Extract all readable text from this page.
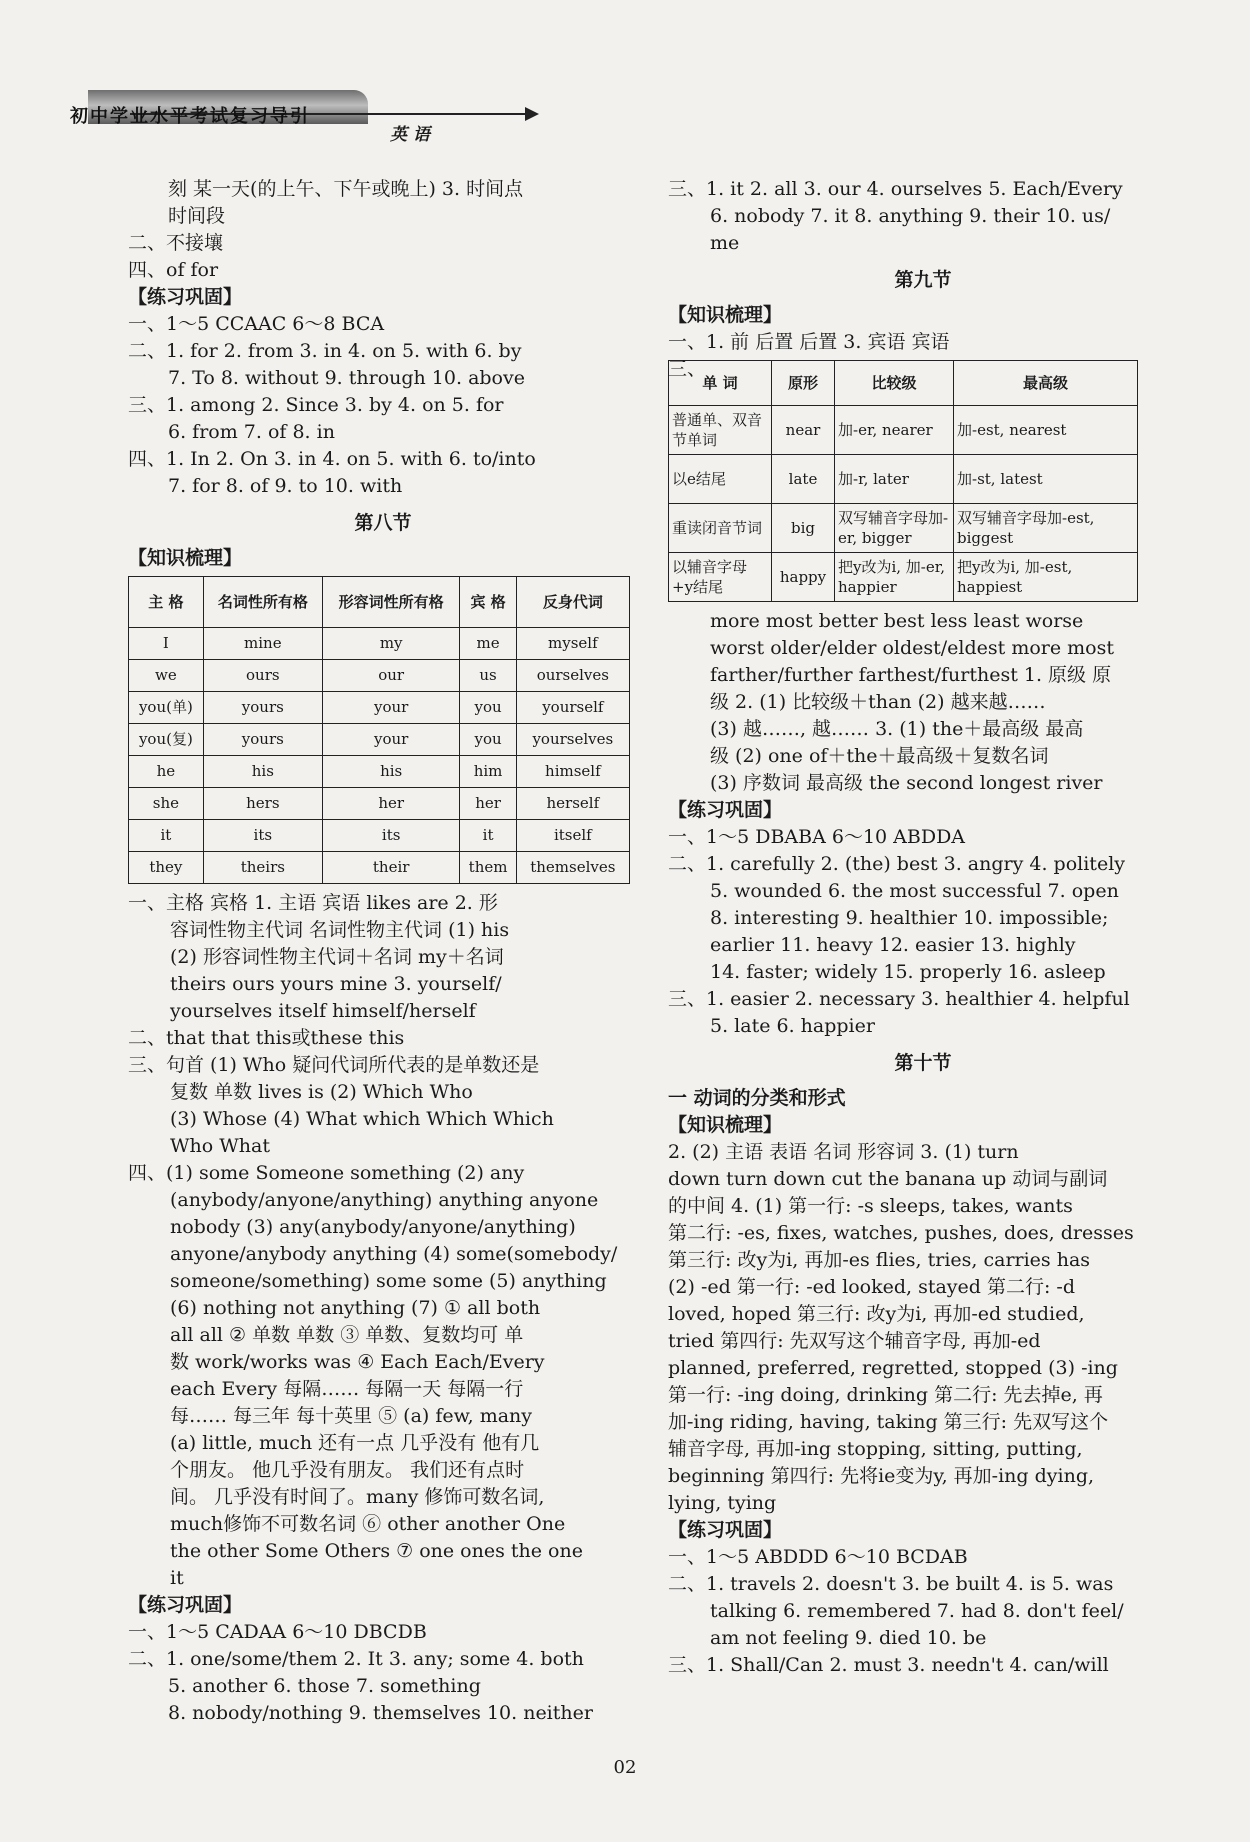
初中学业水平考试复习导引
英 语
刻 某一天(的上午、下午或晚上) 3. 时间点
时间段
二、不接壤
四、of for
【练习巩固】
一、1～5 CCAAC 6～8 BCA
二、1. for 2. from 3. in 4. on 5. with 6. by
7. To 8. without 9. through 10. above
三、1. among 2. Since 3. by 4. on 5. for
6. from 7. of 8. in
四、1. In 2. On 3. in 4. on 5. with 6. to/into
7. for 8. of 9. to 10. with
第八节
【知识梳理】
主 格	名词性所有格	形容词性所有格	宾 格	反身代词
I	mine	my	me	myself
we	ours	our	us	ourselves
you(单)	yours	your	you	yourself
you(复)	yours	your	you	yourselves
he	his	his	him	himself
she	hers	her	her	herself
it	its	its	it	itself
they	theirs	their	them	themselves
一、主格 宾格 1. 主语 宾语 likes are 2. 形
容词性物主代词 名词性物主代词 (1) his
(2) 形容词性物主代词＋名词 my＋名词
theirs ours yours mine 3. yourself/
yourselves itself himself/herself
二、that that this或these this
三、句首 (1) Who 疑问代词所代表的是单数还是
复数 单数 lives is (2) Which Who
(3) Whose (4) What which Which Which
Who What
四、(1) some Someone something (2) any
(anybody/anyone/anything) anything anyone
nobody (3) any(anybody/anyone/anything)
anyone/anybody anything (4) some(somebody/
someone/something) some some (5) anything
(6) nothing not anything (7) ① all both
all all ② 单数 单数 ③ 单数、复数均可 单
数 work/works was ④ Each Each/Every
each Every 每隔…… 每隔一天 每隔一行
每…… 每三年 每十英里 ⑤ (a) few, many
(a) little, much 还有一点 几乎没有 他有几
个朋友。 他几乎没有朋友。 我们还有点时
间。 几乎没有时间了。many 修饰可数名词,
much修饰不可数名词 ⑥ other another One
the other Some Others ⑦ one ones the one
it
【练习巩固】
一、1～5 CADAA 6～10 DBCDB
二、1. one/some/them 2. It 3. any; some 4. both
5. another 6. those 7. something
8. nobody/nothing 9. themselves 10. neither
三、1. it 2. all 3. our 4. ourselves 5. Each/Every
6. nobody 7. it 8. anything 9. their 10. us/
me
第九节
【知识梳理】
一、1. 前 后置 后置 3. 宾语 宾语
三、
单 词	原形	比较级	最高级
普通单、双音节单词	near	加-er, nearer	加-est, nearest
以e结尾	late	加-r, later	加-st, latest
重读闭音节词	big	双写辅音字母加-er, bigger	双写辅音字母加-est, biggest
以辅音字母+y结尾	happy	把y改为i, 加-er, happier	把y改为i, 加-est, happiest
more most better best less least worse
worst older/elder oldest/eldest more most
farther/further farthest/furthest 1. 原级 原
级 2. (1) 比较级＋than (2) 越来越……
(3) 越……, 越…… 3. (1) the＋最高级 最高
级 (2) one of＋the＋最高级＋复数名词
(3) 序数词 最高级 the second longest river
【练习巩固】
一、1～5 DBABA 6～10 ABDDA
二、1. carefully 2. (the) best 3. angry 4. politely
5. wounded 6. the most successful 7. open
8. interesting 9. healthier 10. impossible;
earlier 11. heavy 12. easier 13. highly
14. faster; widely 15. properly 16. asleep
三、1. easier 2. necessary 3. healthier 4. helpful
5. late 6. happier
第十节
一 动词的分类和形式
【知识梳理】
2. (2) 主语 表语 名词 形容词 3. (1) turn
down turn down cut the banana up 动词与副词
的中间 4. (1) 第一行: -s sleeps, takes, wants
第二行: -es, fixes, watches, pushes, does, dresses
第三行: 改y为i, 再加-es flies, tries, carries has
(2) -ed 第一行: -ed looked, stayed 第二行: -d
loved, hoped 第三行: 改y为i, 再加-ed studied,
tried 第四行: 先双写这个辅音字母, 再加-ed
planned, preferred, regretted, stopped (3) -ing
第一行: -ing doing, drinking 第二行: 先去掉e, 再
加-ing riding, having, taking 第三行: 先双写这个
辅音字母, 再加-ing stopping, sitting, putting,
beginning 第四行: 先将ie变为y, 再加-ing dying,
lying, tying
【练习巩固】
一、1～5 ABDDD 6～10 BCDAB
二、1. travels 2. doesn't 3. be built 4. is 5. was
talking 6. remembered 7. had 8. don't feel/
am not feeling 9. died 10. be
三、1. Shall/Can 2. must 3. needn't 4. can/will
02
